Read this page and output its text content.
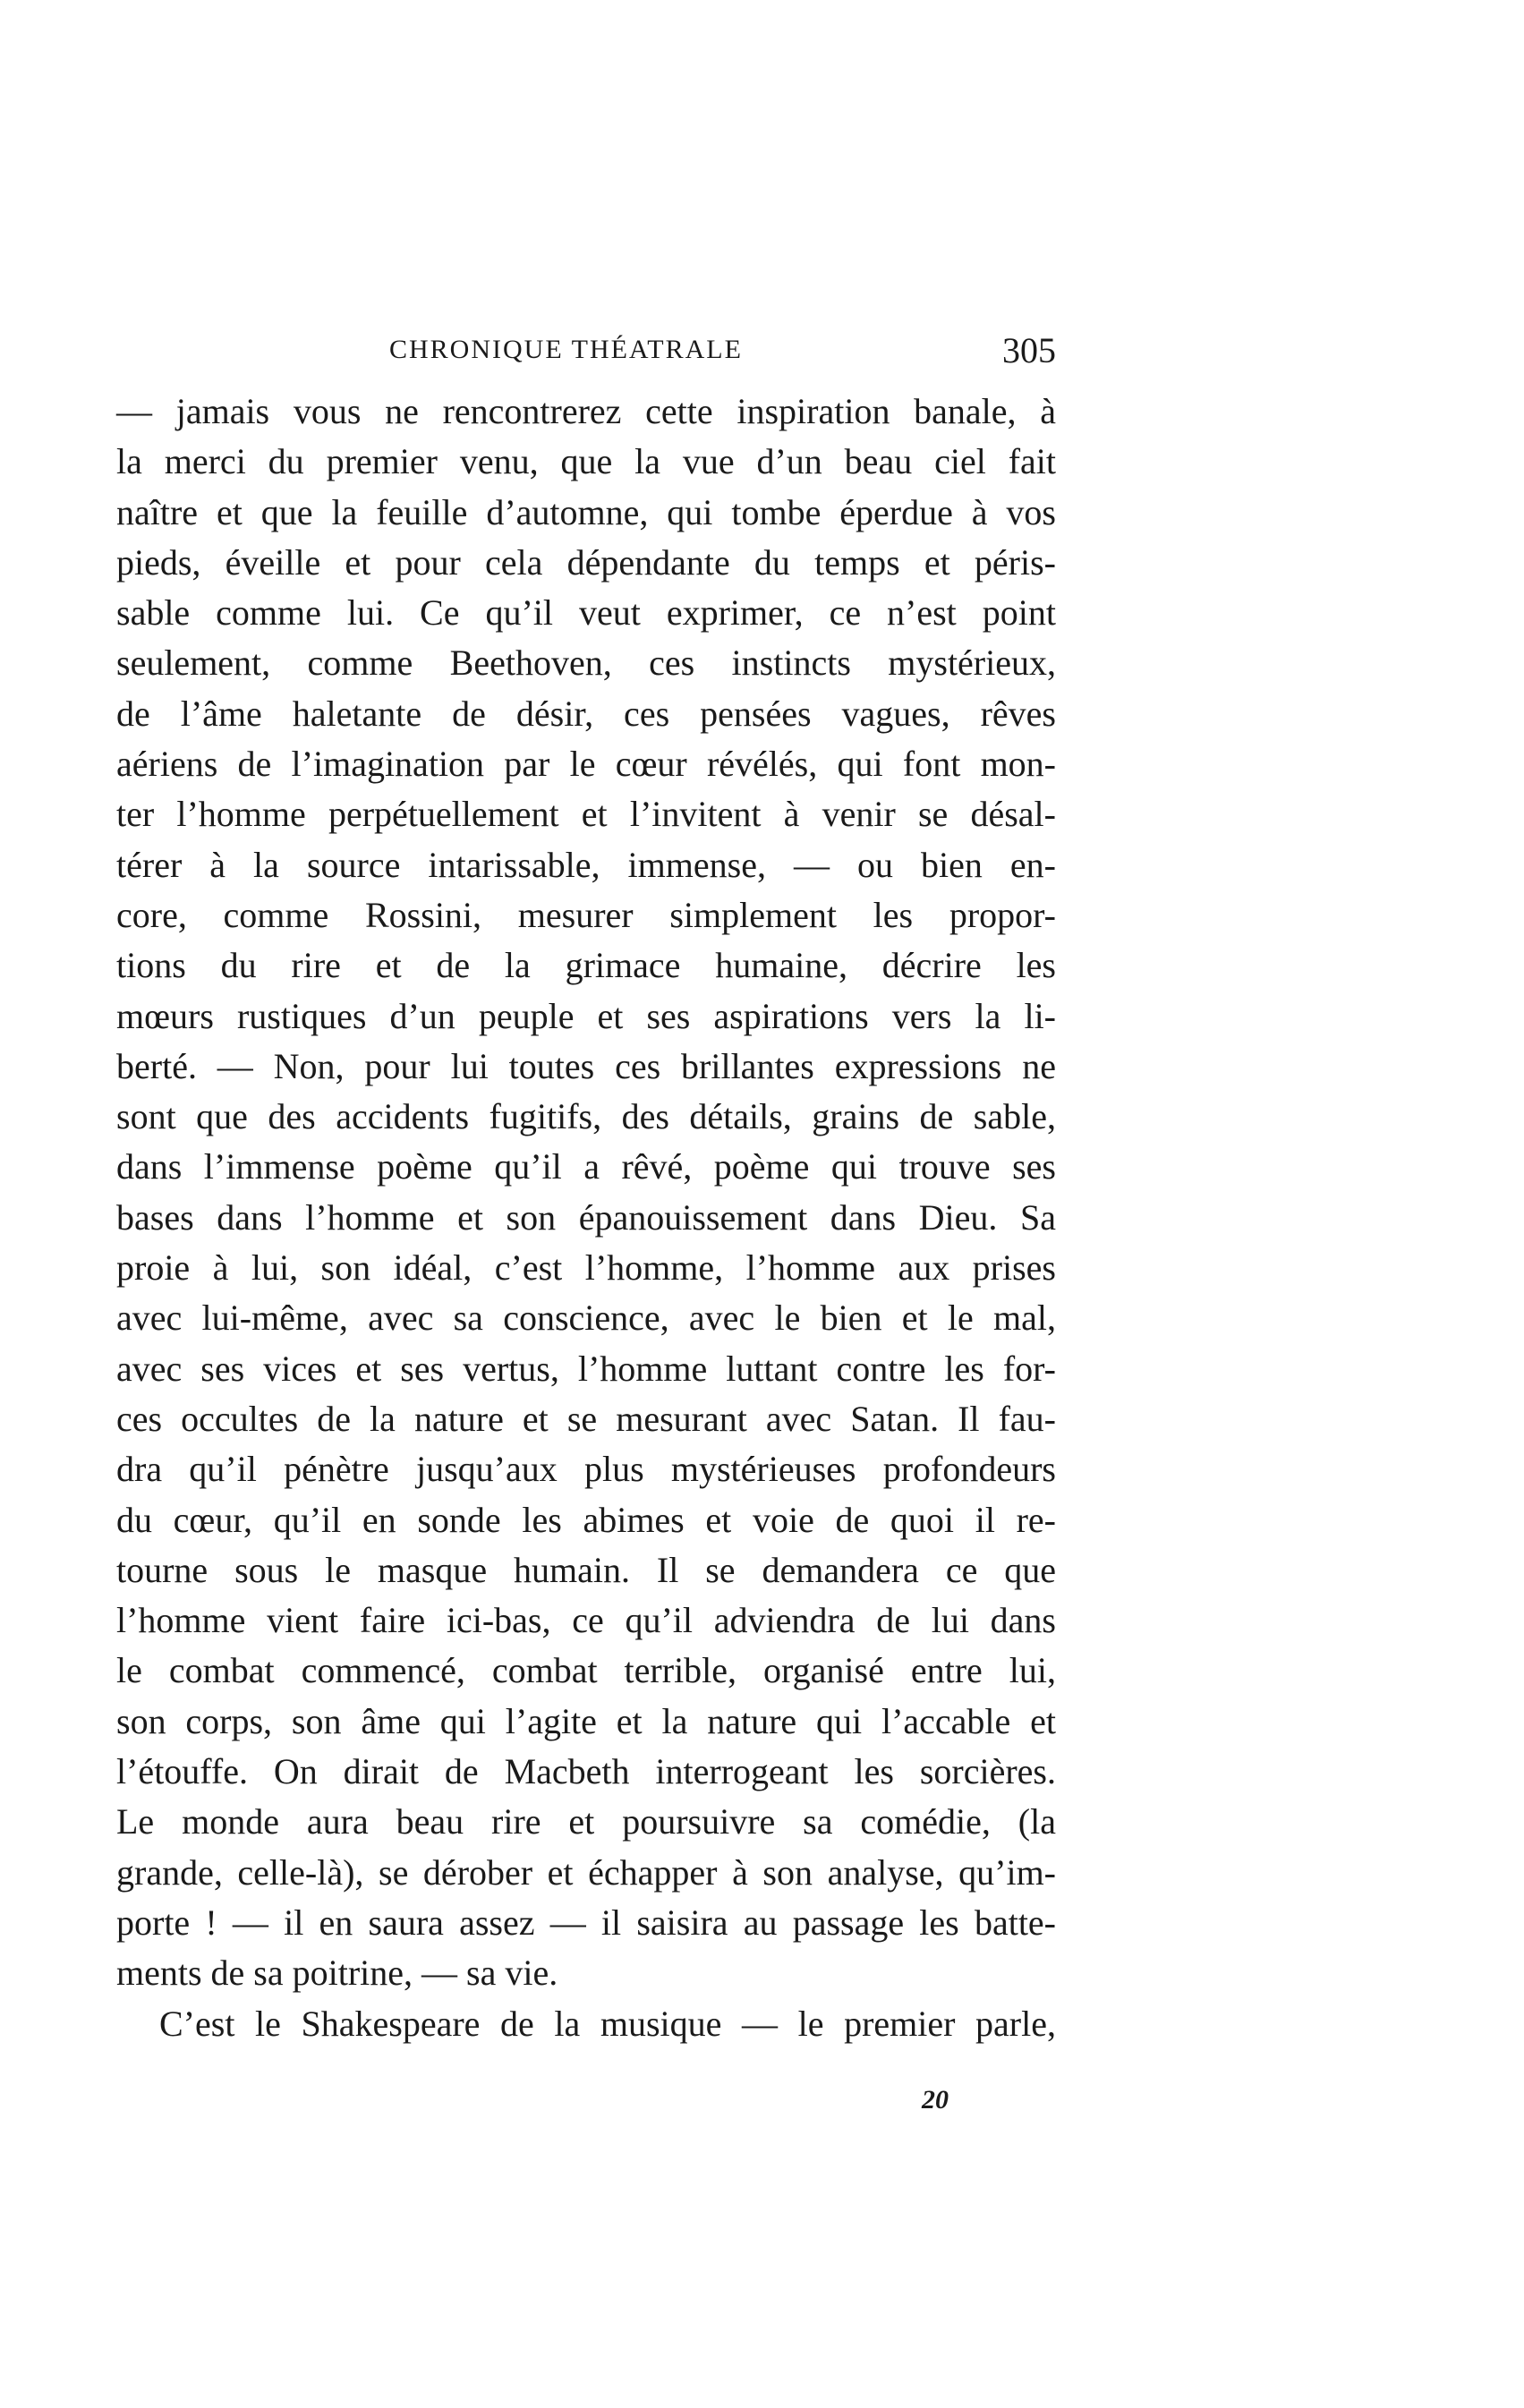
CHRONIQUE THÉATRALE	305
— jamais vous ne rencontrerez cette inspiration banale, à
la merci du premier venu, que la vue d’un beau ciel fait
naître et que la feuille d’automne, qui tombe éperdue à vos
pieds, éveille et pour cela dépendante du temps et péris-
sable comme lui. Ce qu’il veut exprimer, ce n’est point
seulement, comme Beethoven, ces instincts mystérieux,
de l’âme haletante de désir, ces pensées vagues, rêves
aériens de l’imagination par le cœur révélés, qui font mon-
ter l’homme perpétuellement et l’invitent à venir se désal-
térer à la source intarissable, immense, — ou bien en-
core, comme Rossini, mesurer simplement les propor-
tions du rire et de la grimace humaine, décrire les
mœurs rustiques d’un peuple et ses aspirations vers la li-
berté. — Non, pour lui toutes ces brillantes expressions ne
sont que des accidents fugitifs, des détails, grains de sable,
dans l’immense poème qu’il a rêvé, poème qui trouve ses
bases dans l’homme et son épanouissement dans Dieu. Sa
proie à lui, son idéal, c’est l’homme, l’homme aux prises
avec lui-même, avec sa conscience, avec le bien et le mal,
avec ses vices et ses vertus, l’homme luttant contre les for-
ces occultes de la nature et se mesurant avec Satan. Il fau-
dra qu’il pénètre jusqu’aux plus mystérieuses profondeurs
du cœur, qu’il en sonde les abimes et voie de quoi il re-
tourne sous le masque humain. Il se demandera ce que
l’homme vient faire ici-bas, ce qu’il adviendra de lui dans
le combat commencé, combat terrible, organisé entre lui,
son corps, son âme qui l’agite et la nature qui l’accable et
l’étouffe. On dirait de Macbeth interrogeant les sorcières.
Le monde aura beau rire et poursuivre sa comédie, (la
grande, celle-là), se dérober et échapper à son analyse, qu’im-
porte ! — il en saura assez — il saisira au passage les batte-
ments de sa poitrine, — sa vie.
C’est le Shakespeare de la musique — le premier parle,
20
